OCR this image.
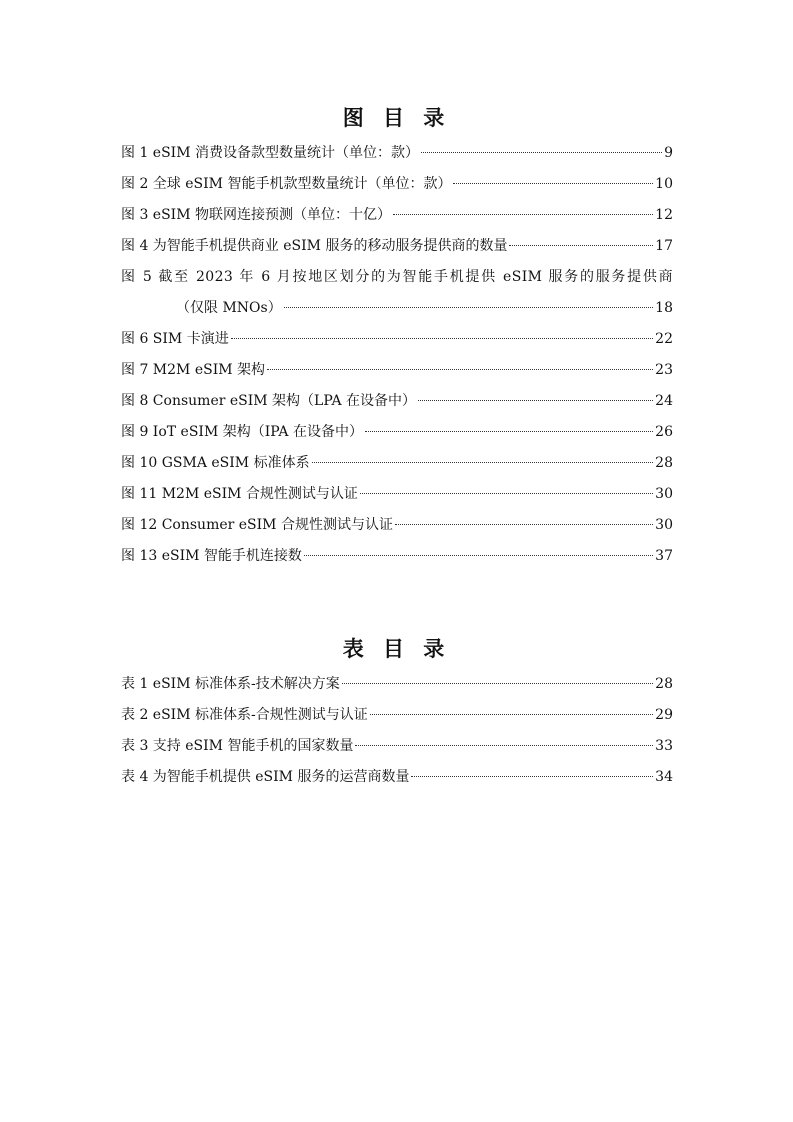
图 目 录
图 1 eSIM 消费设备款型数量统计（单位：款）	9
图 2 全球 eSIM 智能手机款型数量统计（单位：款）	10
图 3 eSIM 物联网连接预测（单位：十亿）	12
图 4 为智能手机提供商业 eSIM 服务的移动服务提供商的数量	17
图 5 截至 2023 年 6 月按地区划分的为智能手机提供 eSIM 服务的服务提供商
（仅限 MNOs）	18
图 6 SIM 卡演进	22
图 7 M2M eSIM 架构	23
图 8 Consumer eSIM 架构（LPA 在设备中）	24
图 9 IoT eSIM 架构（IPA 在设备中）	26
图 10 GSMA eSIM 标准体系	28
图 11 M2M eSIM 合规性测试与认证	30
图 12 Consumer eSIM 合规性测试与认证	30
图 13 eSIM 智能手机连接数	37
表 目 录
表 1 eSIM 标准体系-技术解决方案	28
表 2 eSIM 标准体系-合规性测试与认证	29
表 3 支持 eSIM 智能手机的国家数量	33
表 4 为智能手机提供 eSIM 服务的运营商数量	34
